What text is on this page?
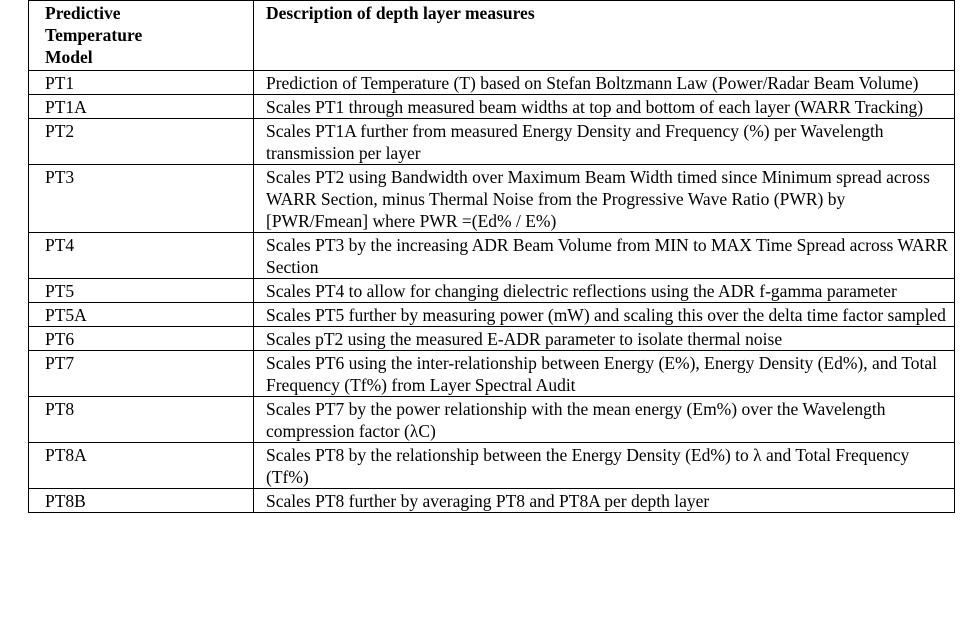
Predictive
Temperature
Model	Description of depth layer measures
PT1	Prediction of Temperature (T) based on Stefan Boltzmann Law (Power/Radar Beam Volume)
PT1A	Scales PT1 through measured beam widths at top and bottom of each layer (WARR Tracking)
PT2	Scales PT1A further from measured Energy Density and Frequency (%) per Wavelength transmission per layer
PT3	Scales PT2 using Bandwidth over Maximum Beam Width timed since Minimum spread across WARR Section, minus Thermal Noise from the Progressive Wave Ratio (PWR) by [PWR/Fmean] where PWR =(Ed% / E%)
PT4	Scales PT3 by the increasing ADR Beam Volume from MIN to MAX Time Spread across WARR Section
PT5	Scales PT4 to allow for changing dielectric reflections using the ADR f-gamma parameter
PT5A	Scales PT5 further by measuring power (mW) and scaling this over the delta time factor sampled
PT6	Scales pT2 using the measured E-ADR parameter to isolate thermal noise
PT7	Scales PT6 using the inter-relationship between Energy (E%), Energy Density (Ed%), and Total Frequency (Tf%) from Layer Spectral Audit
PT8	Scales PT7 by the power relationship with the mean energy (Em%) over the Wavelength compression factor (λC)
PT8A	Scales PT8 by the relationship between the Energy Density (Ed%) to λ and Total Frequency (Tf%)
PT8B	Scales PT8 further by averaging PT8 and PT8A per depth layer
